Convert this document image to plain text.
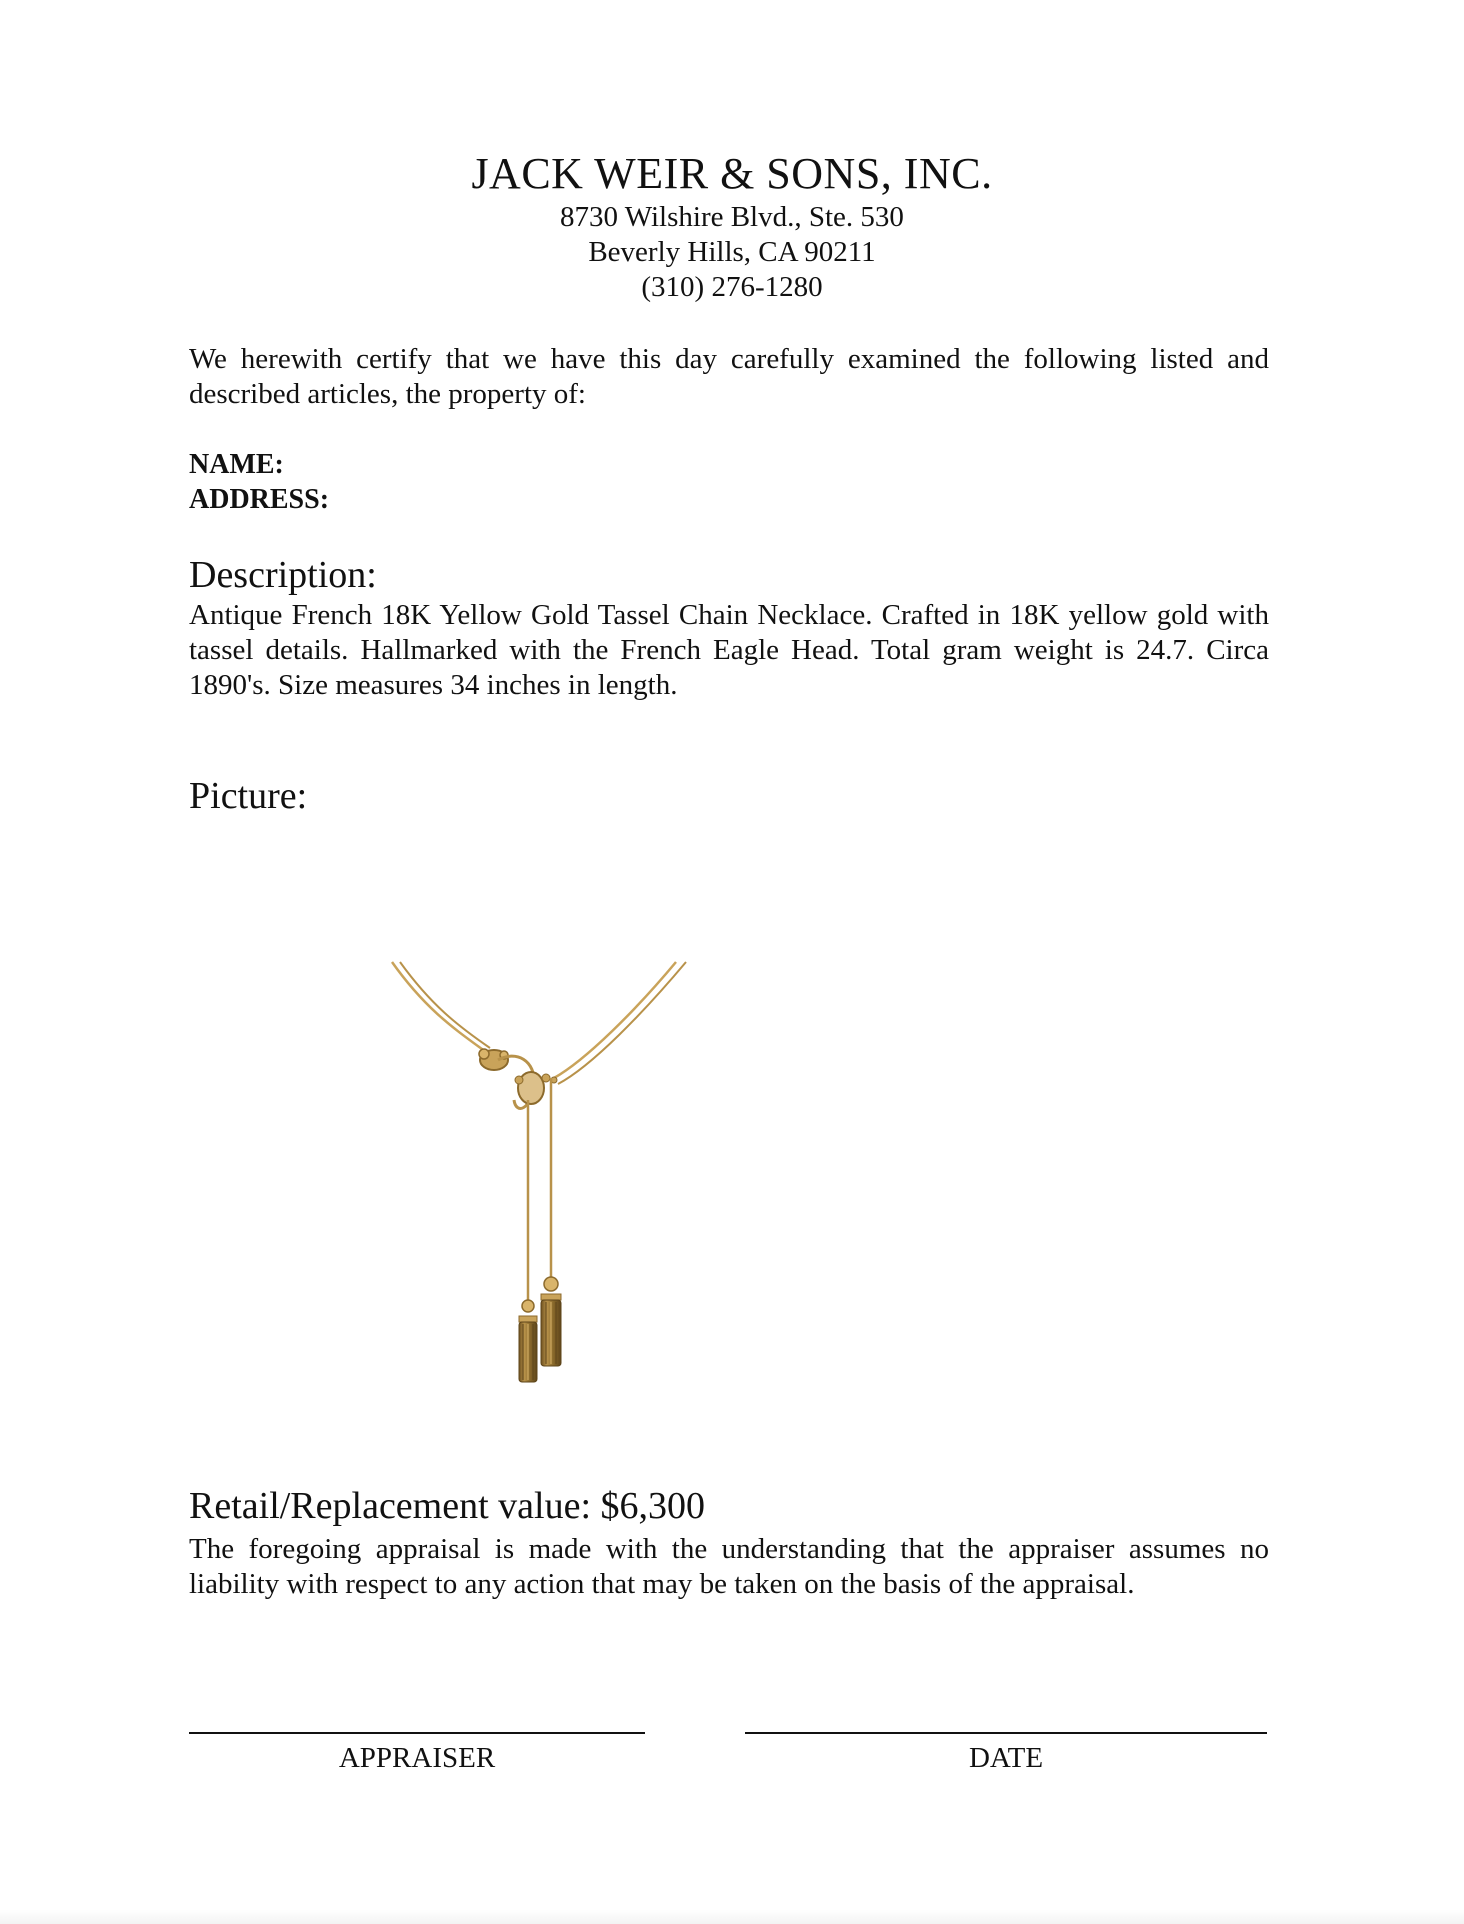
JACK WEIR & SONS, INC.
8730 Wilshire Blvd., Ste. 530
Beverly Hills, CA 90211
(310) 276-1280
We herewith certify that we have this day carefully examined the following listed and described articles, the property of:
NAME:
ADDRESS:
Description:
Antique French 18K Yellow Gold Tassel Chain Necklace. Crafted in 18K yellow gold with tassel details. Hallmarked with the French Eagle Head. Total gram weight is 24.7. Circa 1890's. Size measures 34 inches in length.
Picture:
Retail/Replacement value: $6,300
The foregoing appraisal is made with the understanding that the appraiser assumes no liability with respect to any action that may be taken on the basis of the appraisal.
APPRAISER	DATE
